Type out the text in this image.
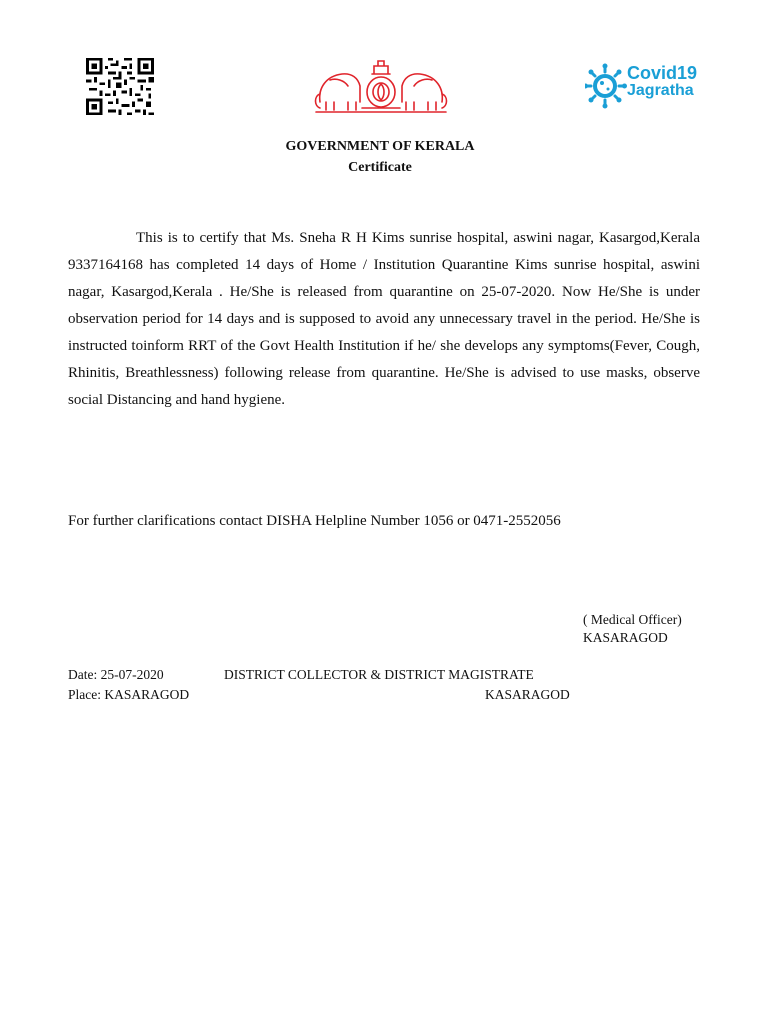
Covid19
Jagratha
GOVERNMENT OF KERALA
Certificate

This is to certify that Ms. Sneha R H Kims sunrise hospital, aswini nagar, Kasargod,Kerala 9337164168 has completed 14 days of Home / Institution Quarantine Kims sunrise hospital, aswini nagar, Kasargod,Kerala . He/She is released from quarantine on 25-07-2020. Now He/She is under observation period for 14 days and is supposed to avoid any unnecessary travel in the period. He/She is instructed toinform RRT of the Govt Health Institution if he/ she develops any symptoms(Fever, Cough, Rhinitis, Breathlessness) following release from quarantine. He/She is advised to use masks, observe social Distancing and hand hygiene.

For further clarifications contact DISHA Helpline Number 1056 or 0471-2552056
( Medical Officer)
KASARAGOD
Date: 25-07-2020	DISTRICT COLLECTOR & DISTRICT MAGISTRATE
Place: KASARAGOD	KASARAGOD
